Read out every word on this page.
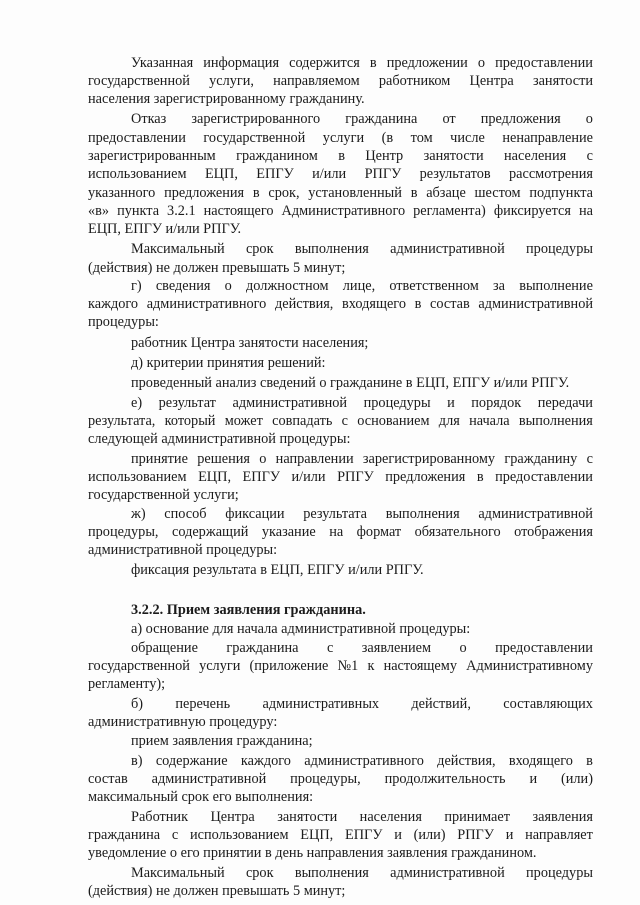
Указанная информация содержится в предложении о предоставлении
государственной услуги, направляемом работником Центра занятости
населения зарегистрированному гражданину.
Отказ зарегистрированного гражданина от предложения о
предоставлении государственной услуги (в том числе ненаправление
зарегистрированным гражданином в Центр занятости населения с
использованием ЕЦП, ЕПГУ и/или РПГУ результатов рассмотрения
указанного предложения в срок, установленный в абзаце шестом подпункта
«в» пункта 3.2.1 настоящего Административного регламента) фиксируется на
ЕЦП, ЕПГУ и/или РПГУ.
Максимальный срок выполнения административной процедуры
(действия) не должен превышать 5 минут;
г) сведения о должностном лице, ответственном за выполнение
каждого административного действия, входящего в состав административной
процедуры:
работник Центра занятости населения;
д) критерии принятия решений:
проведенный анализ сведений о гражданине в ЕЦП, ЕПГУ и/или РПГУ.
е) результат административной процедуры и порядок передачи
результата, который может совпадать с основанием для начала выполнения
следующей административной процедуры:
принятие решения о направлении зарегистрированному гражданину с
использованием ЕЦП, ЕПГУ и/или РПГУ предложения в предоставлении
государственной услуги;
ж) способ фиксации результата выполнения административной
процедуры, содержащий указание на формат обязательного отображения
административной процедуры:
фиксация результата в ЕЦП, ЕПГУ и/или РПГУ.
3.2.2. Прием заявления гражданина.
а) основание для начала административной процедуры:
обращение гражданина с заявлением о предоставлении
государственной услуги (приложение №1 к настоящему Административному
регламенту);
б) перечень административных действий, составляющих
административную процедуру:
прием заявления гражданина;
в) содержание каждого административного действия, входящего в
состав административной процедуры, продолжительность и (или)
максимальный срок его выполнения:
Работник Центра занятости населения принимает заявления
гражданина с использованием ЕЦП, ЕПГУ и (или) РПГУ и направляет
уведомление о его принятии в день направления заявления гражданином.
Максимальный срок выполнения административной процедуры
(действия) не должен превышать 5 минут;
